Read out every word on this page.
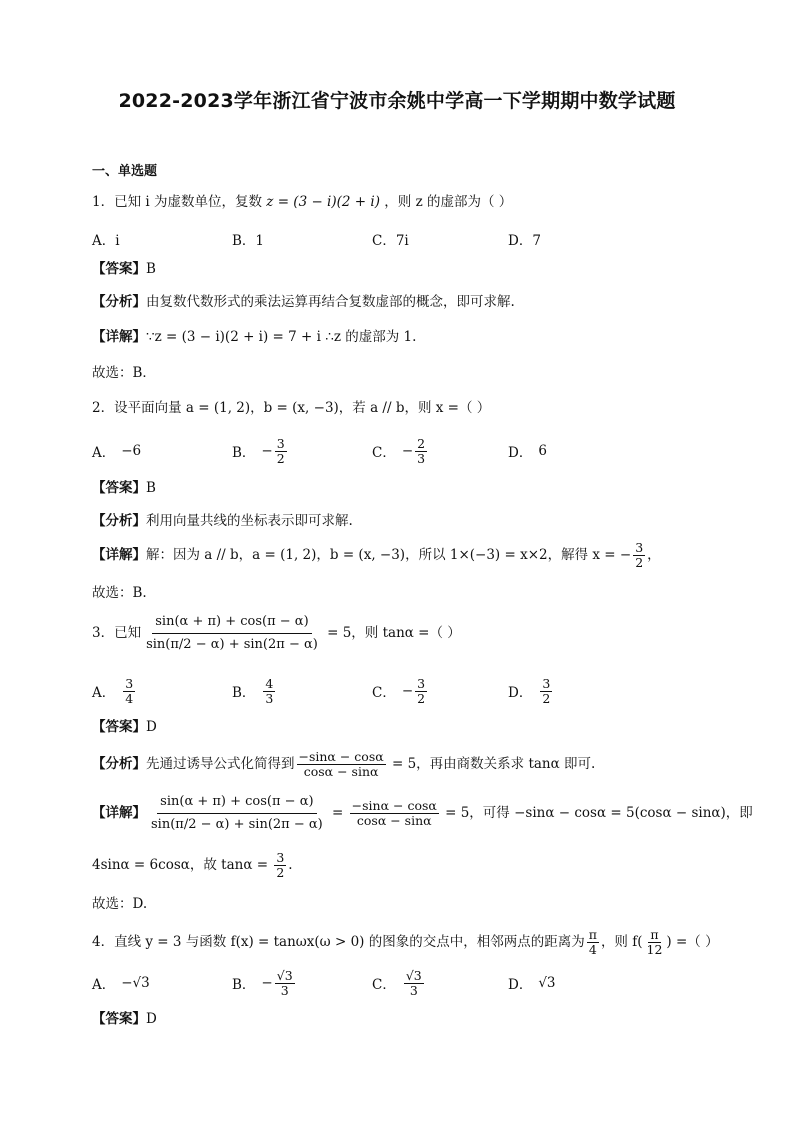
2022-2023学年浙江省宁波市余姚中学高一下学期期中数学试题
一、单选题
1．已知 i 为虚数单位，复数 z = (3 − i)(2 + i) ，则 z 的虚部为（ ）
A．i	B．1	C．7i	D．7
【答案】B
【分析】由复数代数形式的乘法运算再结合复数虚部的概念，即可求解.
【详解】∵z = (3 − i)(2 + i) = 7 + i ∴z 的虚部为 1.
故选：B．
2．设平面向量 a = (1, 2)，b = (x, −3)，若 a // b，则 x =（ ）
A． −6	B． − $\frac{3}{2}$	C． − $\frac{2}{3}$	D． 6
【答案】B
【分析】利用向量共线的坐标表示即可求解.
【详解】解：因为 a // b，a = (1, 2)，b = (x, −3)，所以 1×(−3) = x×2，解得 x = − $\frac{3}{2}$ ，
故选：B.
3．已知 $\frac{\sin(\alpha + \pi) + \cos(\pi - \alpha)}{\sin(\pi/2 - \alpha) + \sin(2\pi - \alpha)} = 5$，则 tanα =（ ）
A． $\frac{3}{4}$	B． $\frac{4}{3}$	C． − $\frac{3}{2}$	D． $\frac{3}{2}$
【答案】D
【分析】先通过诱导公式化简得到 $\frac{-\sin\alpha - \cos\alpha}{\cos\alpha - \sin\alpha} = 5$，再由商数关系求 tanα 即可.
【详解】 $\frac{\sin(\alpha + \pi) + \cos(\pi - \alpha)}{\sin(\pi/2 - \alpha) + \sin(2\pi - \alpha)} = \frac{-\sin\alpha - \cos\alpha}{\cos\alpha - \sin\alpha} = 5$，可得 −sinα − cosα = 5(cosα − sinα)，即
4sinα = 6cosα，故 $\tan\alpha = \frac{3}{2}$ .
故选：D.
4．直线 y = 3 与函数 f(x) = tanωx(ω > 0) 的图象的交点中，相邻两点的距离为 $\frac{\pi}{4}$ ，则 $f( \frac{\pi}{12}$ ) =（ ）
A． −√3	B． − $\frac{√3}{3}$	C． $\frac{√3}{3}$	D． √3
【答案】D
